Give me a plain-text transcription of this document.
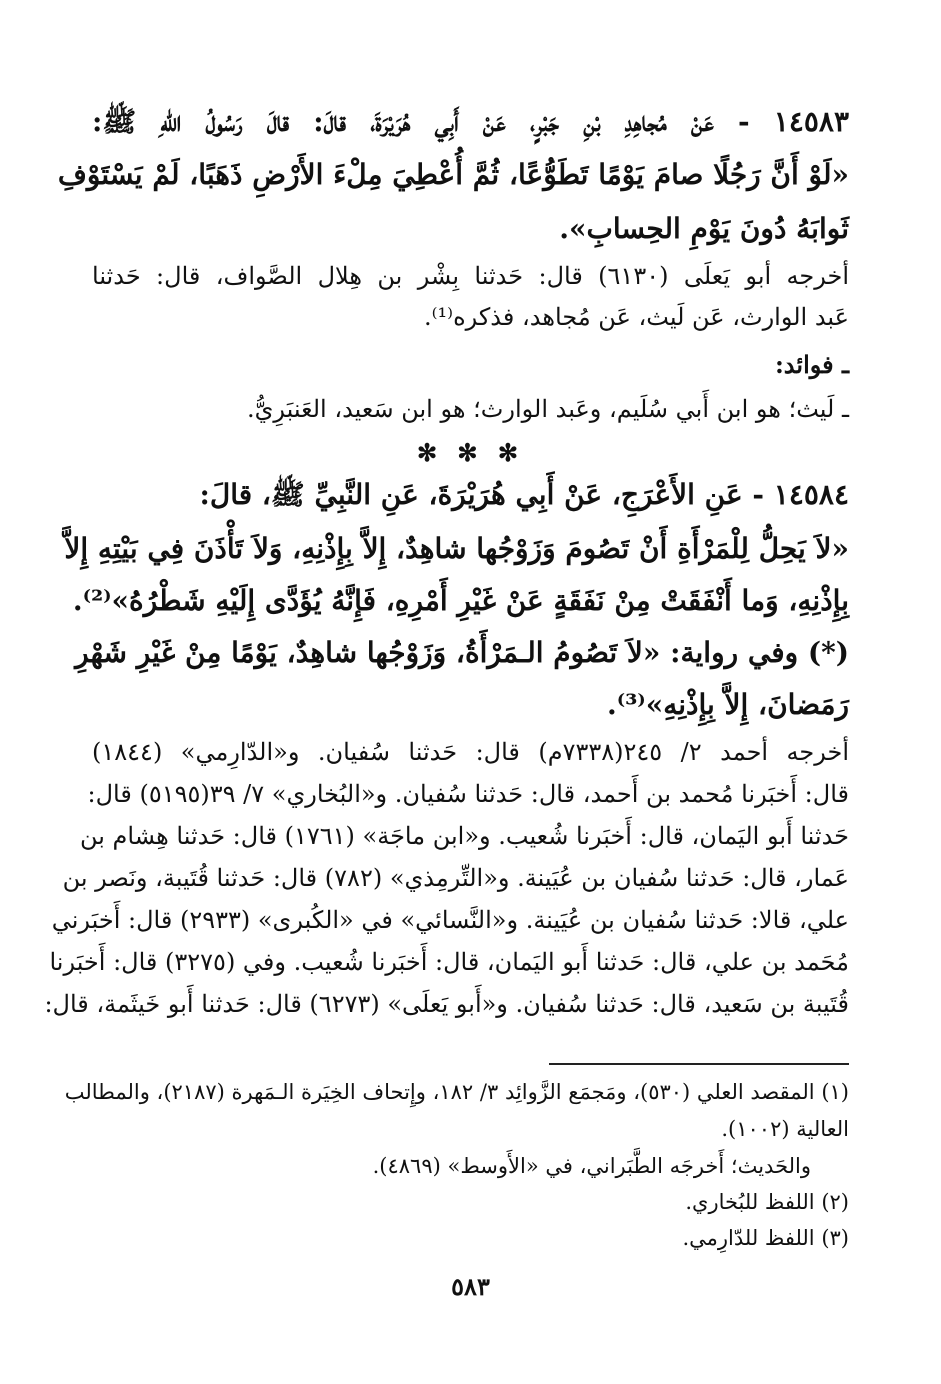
١٤٥٨٣ - عَنْ مُجاهِدِ بْنِ جَبْرٍ، عَنْ أَبِي هُرَيْرَةَ، قالَ: قالَ رَسُولُ اللهِ ﷺ:
«لَوْ أَنَّ رَجُلًا صامَ يَوْمًا تَطَوُّعًا، ثُمَّ أُعْطِيَ مِلْءَ الأَرْضِ ذَهَبًا، لَمْ يَسْتَوْفِ
ثَوابَهُ دُونَ يَوْمِ الحِسابِ».
أخرجه أبو يَعلَى (٦١٣٠) قال: حَدثنا بِشْر بن هِلال الصَّواف، قال: حَدثنا
عَبد الوارث، عَن لَيث، عَن مُجاهد، فذكره⁽¹⁾.
ـ فوائد:
ـ لَيث؛ هو ابن أَبي سُلَيم، وعَبد الوارث؛ هو ابن سَعيد، العَنبَرِيُّ.
✻ ✻ ✻
١٤٥٨٤ - عَنِ الأَعْرَجِ، عَنْ أَبِي هُرَيْرَةَ، عَنِ النَّبِيِّ ﷺ، قالَ:
«لاَ يَحِلُّ لِلْمَرْأَةِ أَنْ تَصُومَ وَزَوْجُها شاهِدٌ، إِلاَّ بِإِذْنِهِ، وَلاَ تَأْذَنَ فِي بَيْتِهِ إِلاَّ
بِإِذْنِهِ، وَما أَنْفَقَتْ مِنْ نَفَقَةٍ عَنْ غَيْرِ أَمْرِهِ، فَإِنَّهُ يُؤَدَّى إِلَيْهِ شَطْرُهُ»⁽²⁾.
(*) وفي رواية: «لاَ تَصُومُ الـمَرْأَةُ، وَزَوْجُها شاهِدٌ، يَوْمًا مِنْ غَيْرِ شَهْرِ
رَمَضانَ، إِلاَّ بِإِذْنِهِ»⁽³⁾.
أخرجه أحمد ٢/ ٢٤٥(٧٣٣٨م) قال: حَدثنا سُفيان. و«الدّارِمي» (١٨٤٤)
قال: أَخبَرنا مُحمد بن أَحمد، قال: حَدثنا سُفيان. و«البُخاري» ٧/ ٣٩(٥١٩٥) قال:
حَدثنا أَبو اليَمان، قال: أَخبَرنا شُعيب. و«ابن ماجَة» (١٧٦١) قال: حَدثنا هِشام بن
عَمار، قال: حَدثنا سُفيان بن عُيَينة. و«التِّرمِذي» (٧٨٢) قال: حَدثنا قُتَيبة، ونَصر بن
علي، قالا: حَدثنا سُفيان بن عُيَينة. و«النَّسائي» في «الكُبرى» (٢٩٣٣) قال: أَخبَرني
مُحَمد بن علي، قال: حَدثنا أَبو اليَمان، قال: أَخبَرنا شُعيب. وفي (٣٢٧٥) قال: أَخبَرنا
قُتَيبة بن سَعيد، قال: حَدثنا سُفيان. و«أَبو يَعلَى» (٦٢٧٣) قال: حَدثنا أَبو خَيثَمة، قال:
(١) المقصد العلي (٥٣٠)، ومَجمَع الزَّوائِد ٣/ ١٨٢، وإِتحاف الخِيَرة الـمَهرة (٢١٨٧)، والمطالب
العالية (١٠٠٢).
والحَديث؛ أَخرجَه الطَّبَراني، في «الأَوسط» (٤٨٦٩).
(٢) اللفظ للبُخاري.
(٣) اللفظ للدّارِمي.
٥٨٣
